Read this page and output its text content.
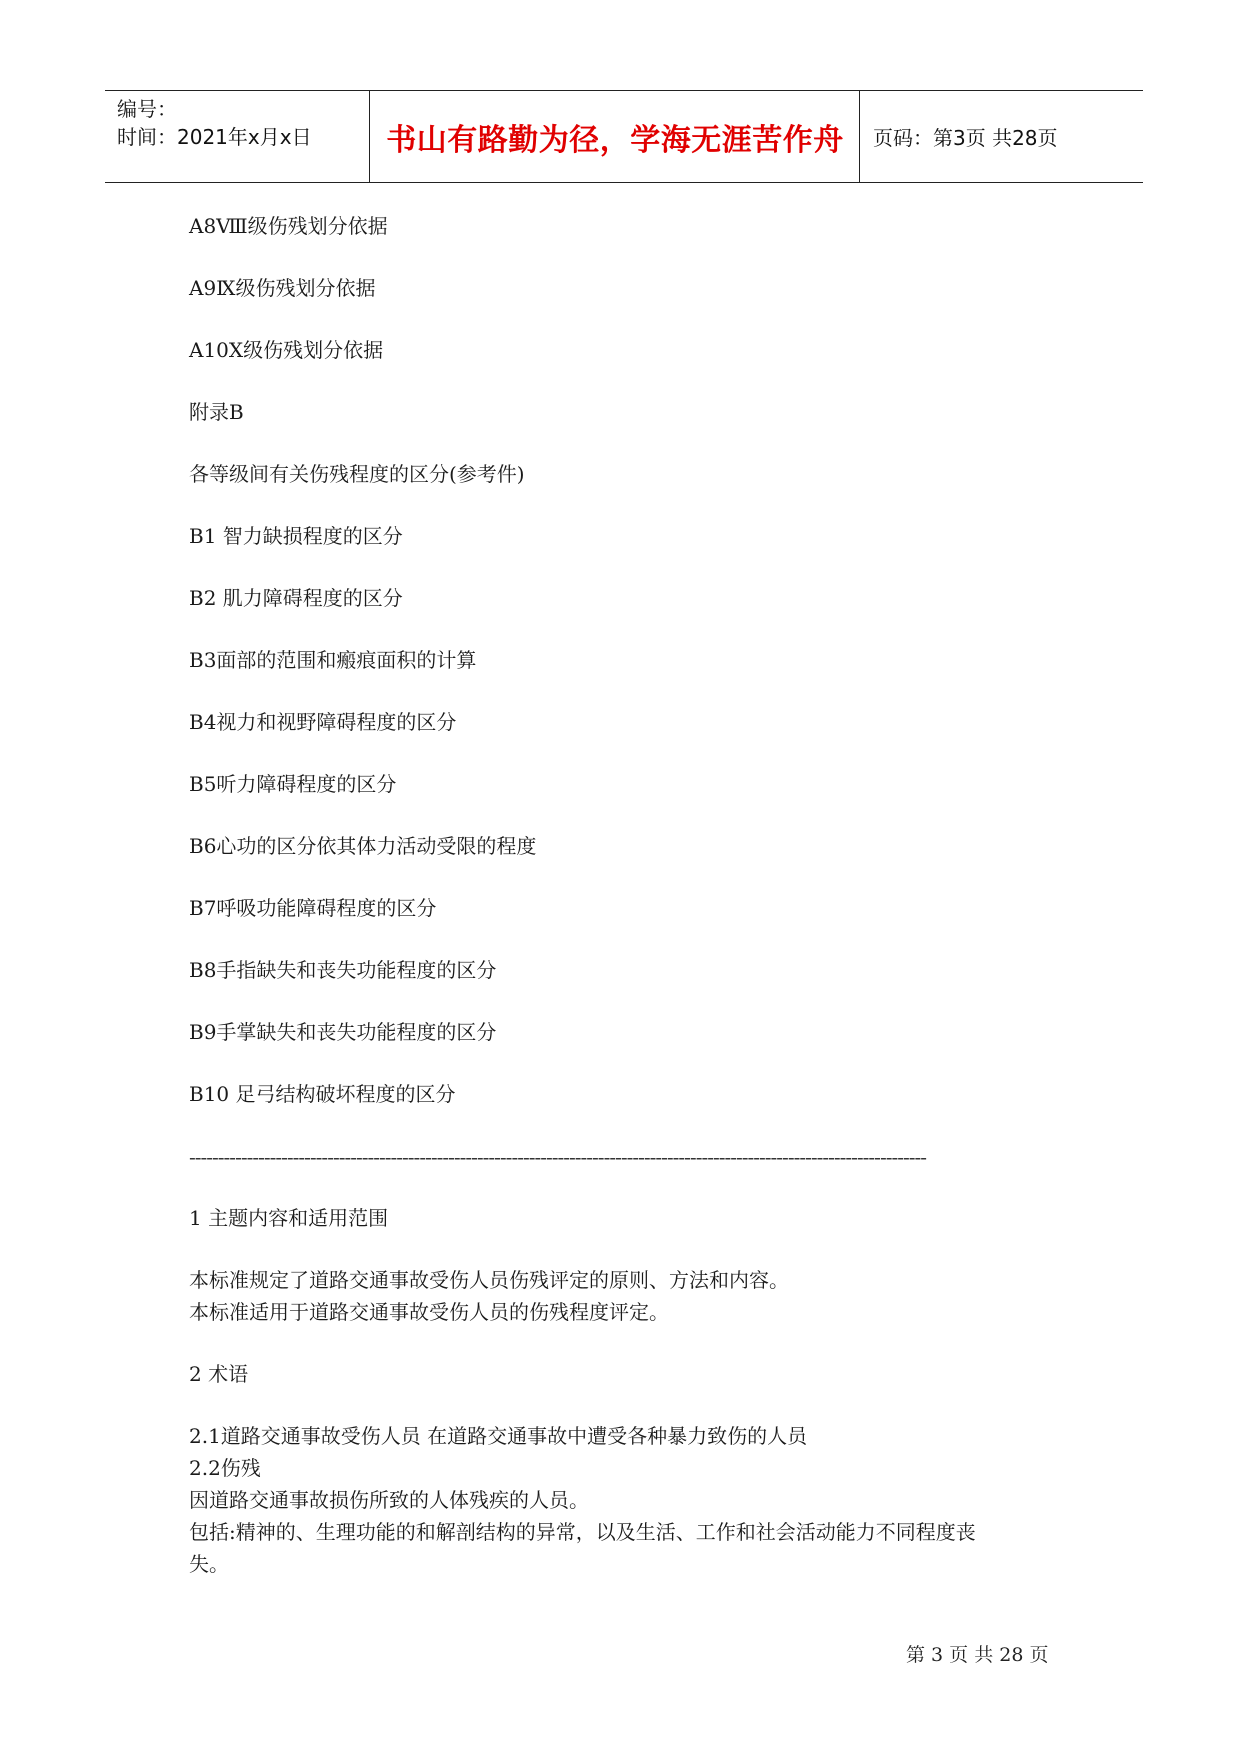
编号：
时间：2021年x月x日	书山有路勤为径，学海无涯苦作舟	页码：第3页 共28页
A8Ⅷ级伤残划分依据
A9Ⅸ级伤残划分依据
A10Ⅹ级伤残划分依据
附录B
各等级间有关伤残程度的区分(参考件)
B1 智力缺损程度的区分
B2 肌力障碍程度的区分
B3面部的范围和瘢痕面积的计算
B4视力和视野障碍程度的区分
B5听力障碍程度的区分
B6心功的区分依其体力活动受限的程度
B7呼吸功能障碍程度的区分
B8手指缺失和丧失功能程度的区分
B9手掌缺失和丧失功能程度的区分
B10 足弓结构破坏程度的区分
--------------------------------------------------------------------------------------------------------------------------------
1 主题内容和适用范围
本标准规定了道路交通事故受伤人员伤残评定的原则、方法和内容。
本标准适用于道路交通事故受伤人员的伤残程度评定。
2 术语
2.1道路交通事故受伤人员 在道路交通事故中遭受各种暴力致伤的人员
2.2伤残
因道路交通事故损伤所致的人体残疾的人员。
包括:精神的、生理功能的和解剖结构的异常，以及生活、工作和社会活动能力不同程度丧
失。
第 3 页 共 28 页
